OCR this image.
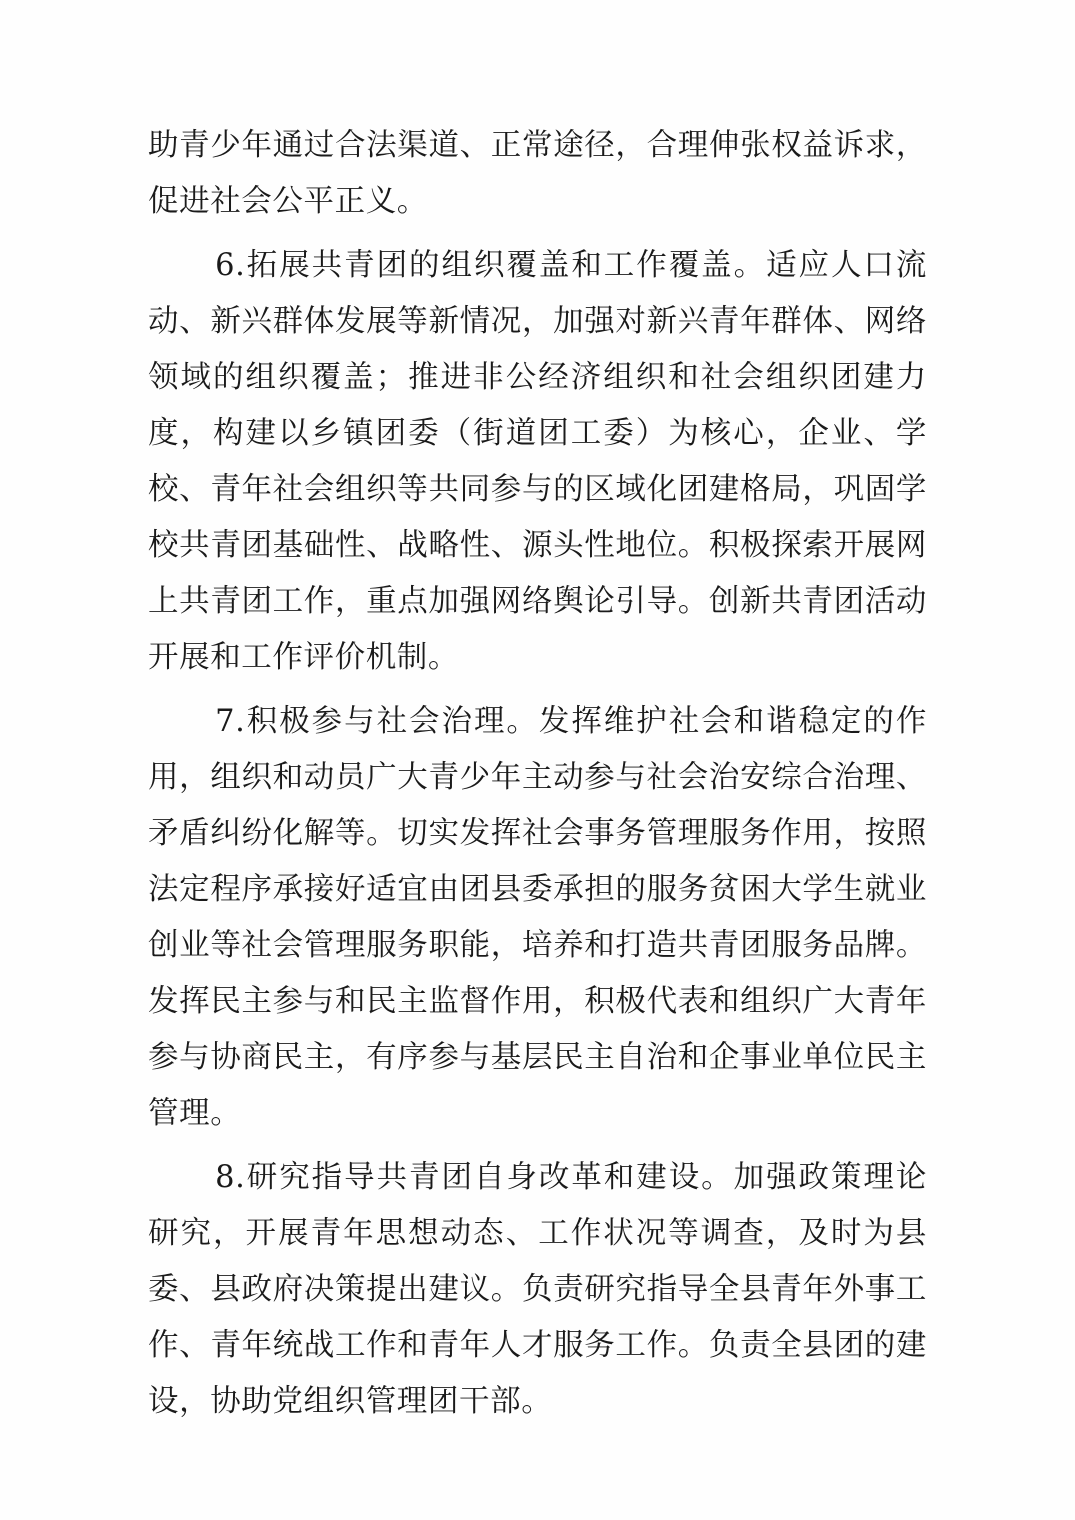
助青少年通过合法渠道、正常途径，合理伸张权益诉求，促进社会公平正义。

6.拓展共青团的组织覆盖和工作覆盖。适应人口流动、新兴群体发展等新情况，加强对新兴青年群体、网络领域的组织覆盖；推进非公经济组织和社会组织团建力度，构建以乡镇团委（街道团工委）为核心，企业、学校、青年社会组织等共同参与的区域化团建格局，巩固学校共青团基础性、战略性、源头性地位。积极探索开展网上共青团工作，重点加强网络舆论引导。创新共青团活动开展和工作评价机制。

7.积极参与社会治理。发挥维护社会和谐稳定的作用，组织和动员广大青少年主动参与社会治安综合治理、矛盾纠纷化解等。切实发挥社会事务管理服务作用，按照法定程序承接好适宜由团县委承担的服务贫困大学生就业创业等社会管理服务职能，培养和打造共青团服务品牌。发挥民主参与和民主监督作用，积极代表和组织广大青年参与协商民主，有序参与基层民主自治和企事业单位民主管理。

8.研究指导共青团自身改革和建设。加强政策理论研究，开展青年思想动态、工作状况等调查，及时为县委、县政府决策提出建议。负责研究指导全县青年外事工作、青年统战工作和青年人才服务工作。负责全县团的建设，协助党组织管理团干部。
